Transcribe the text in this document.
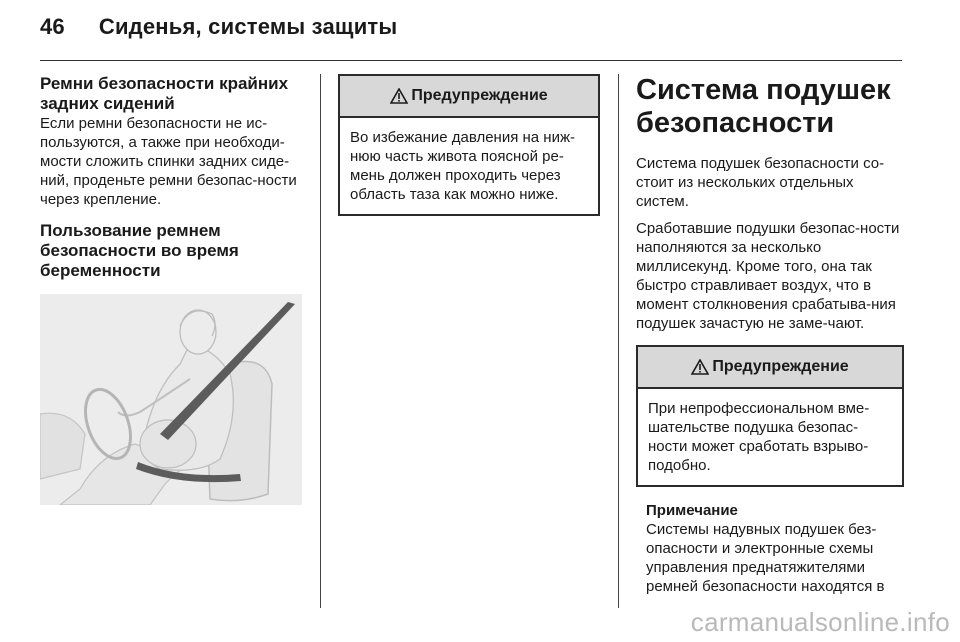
46 Сиденья, системы защиты
Ремни безопасности крайних задних сидений

Если ремни безопасности не ис-пользуются, а также при необходи-мости сложить спинки задних сиде-ний, проденьте ремни безопас-ности через крепление.

Пользование ремнем безопасности во время беременности
Предупреждение
Во избежание давления на ниж-нюю часть живота поясной ре-мень должен проходить через область таза как можно ниже.
Система подушек безопасности

Система подушек безопасности со-стоит из нескольких отдельных систем.

Сработавшие подушки безопас-ности наполняются за несколько миллисекунд. Кроме того, она так быстро стравливает воздух, что в момент столкновения срабатыва-ния подушек зачастую не заме-чают.

Предупреждение
При непрофессиональном вме-шательстве подушка безопас-ности может сработать взрыво-подобно.
Примечание

Системы надувных подушек без-опасности и электронные схемы управления преднатяжителями ремней безопасности находятся в

carmanualsonline.info
